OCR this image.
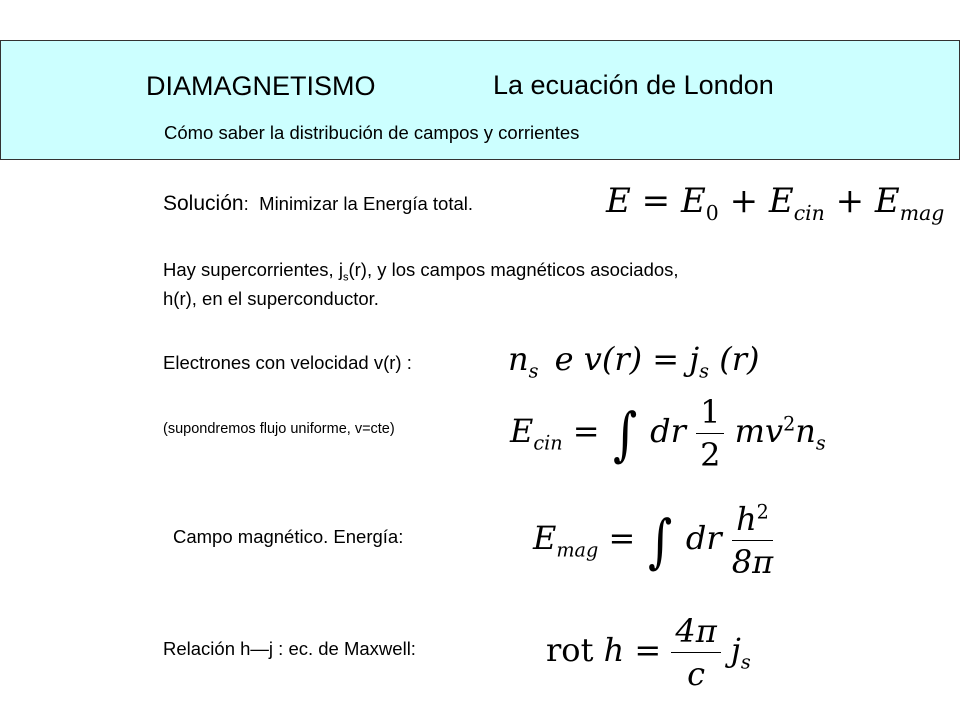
DIAMAGNETISMO	La ecuación de London
Cómo saber la distribución de campos y corrientes
Solución: Minimizar la Energía total.	$E = E_0 + E_{cin} + E_{mag}$
Hay supercorrientes, $j_s(r)$, y los campos magnéticos asociados,
h(r), en el superconductor.
Electrones con velocidad v(r) :	$n_s$ e $v(r) = j_s$ (r)
(supondremos flujo uniforme, v=cte)	$E_{cin}$ = ∫ dr $\frac{1}{2} mv^2n_s$
Campo magnético. Energía:	$E_{mag}$ = ∫ dr $\frac{h^2}{8\pi}$
Relación h—j : ec. de Maxwell:	rot $h = \frac{4\pi}{c} j_s$
